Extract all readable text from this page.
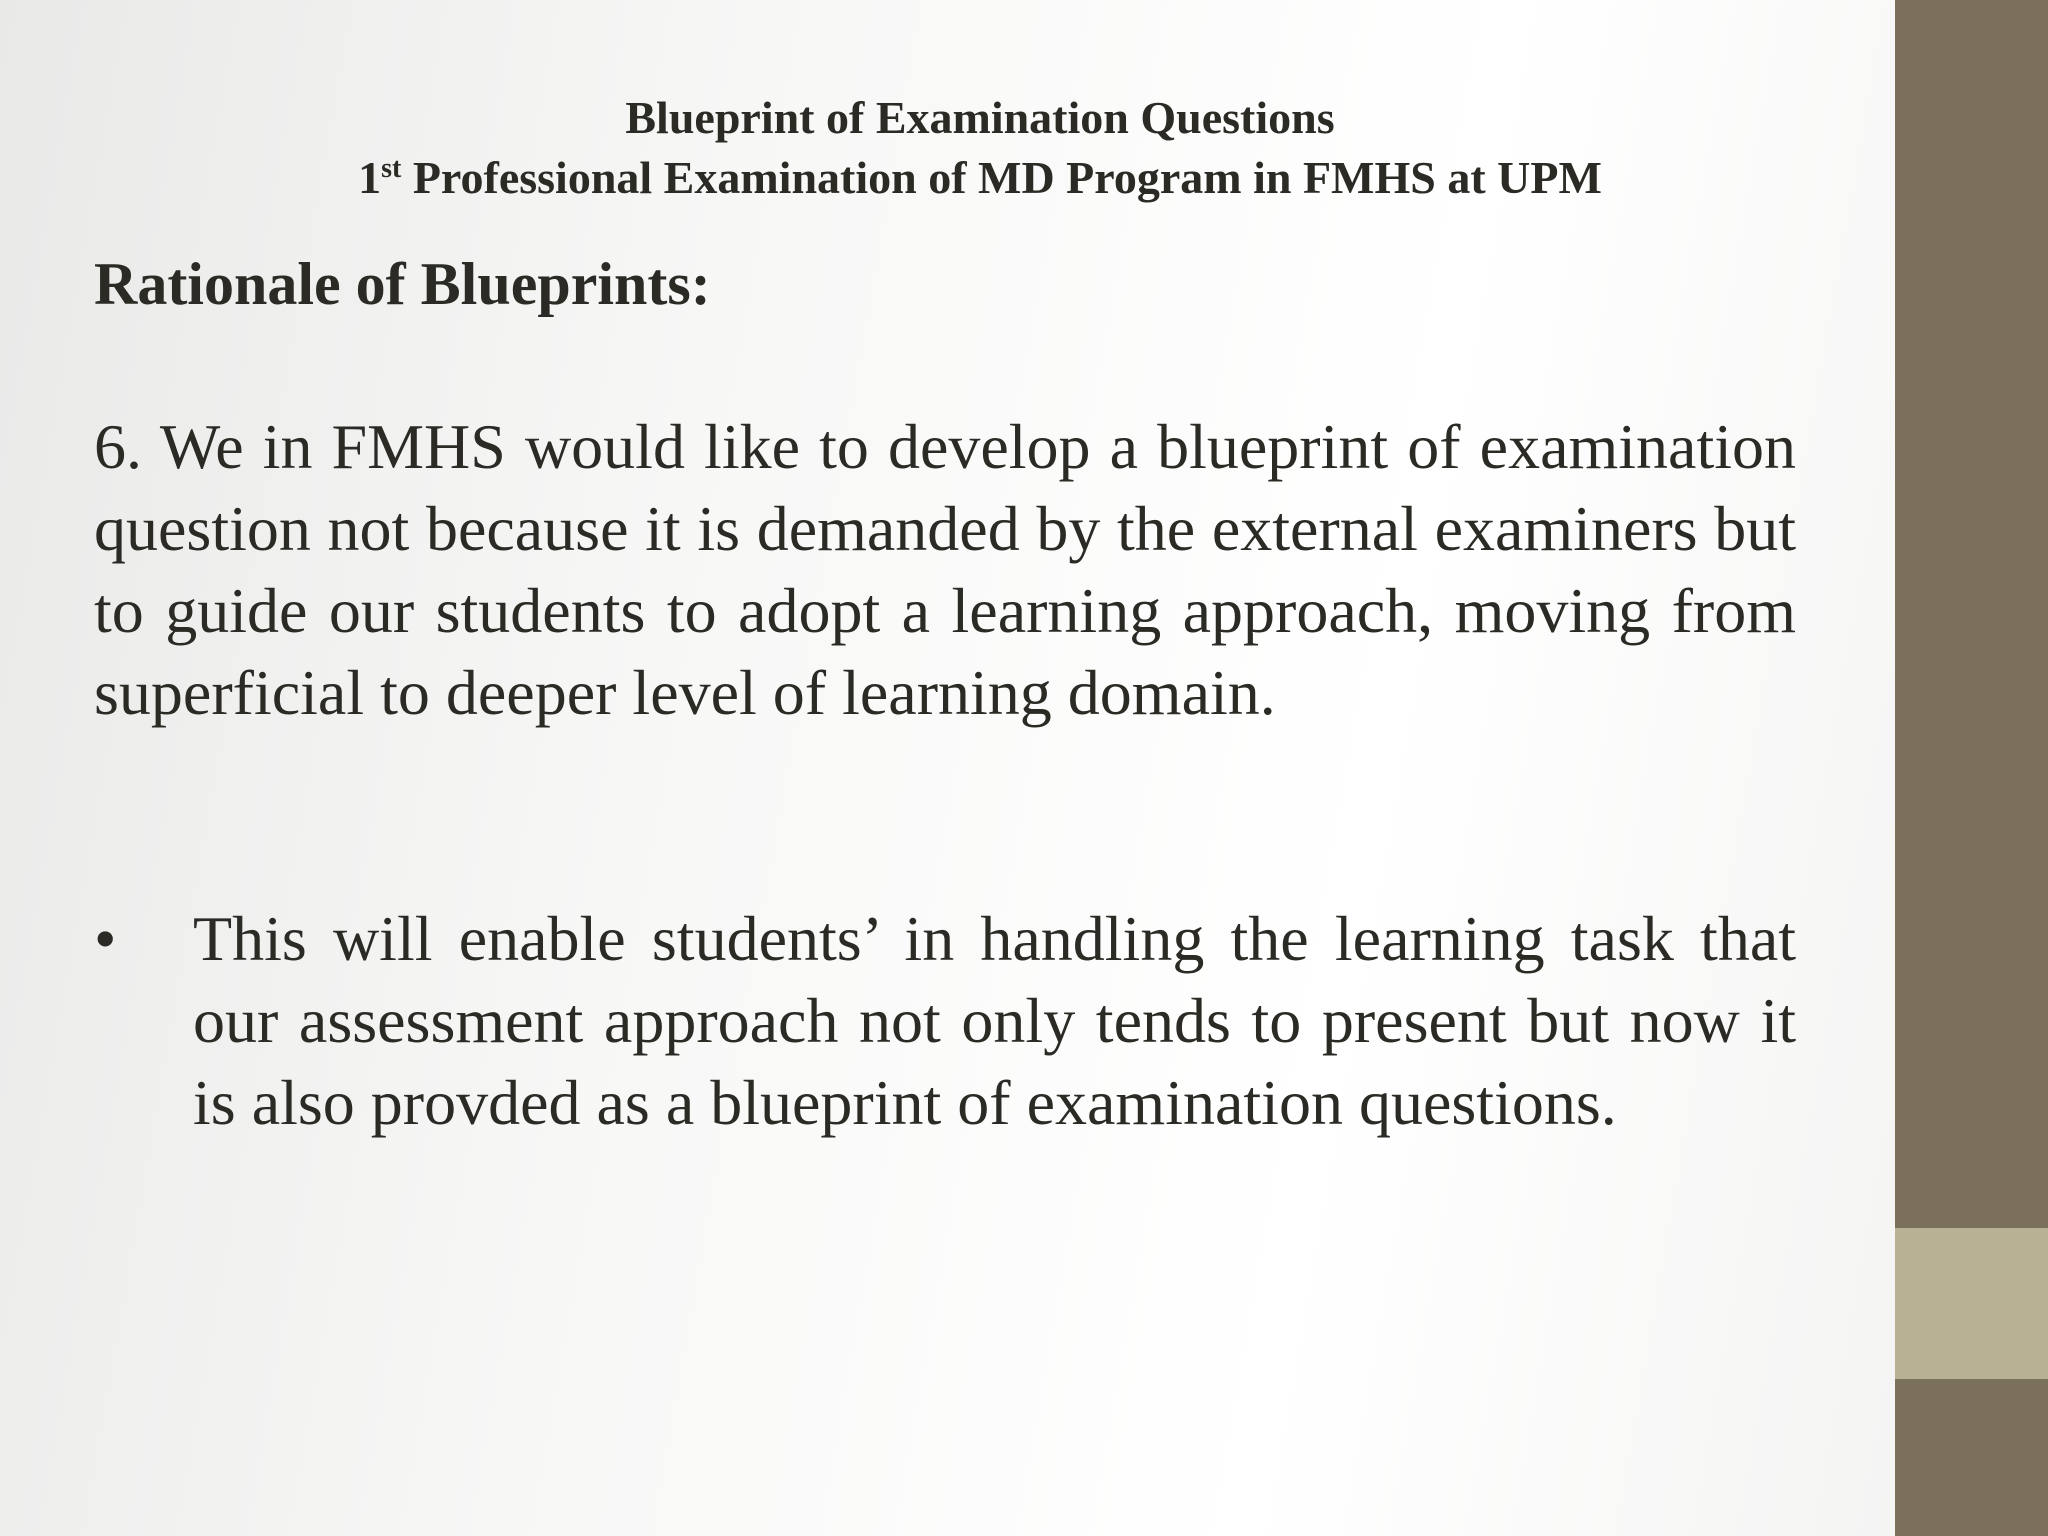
Blueprint of Examination Questions

1st Professional Examination of MD Program in FMHS at UPM
Rationale of Blueprints:

6. We in FMHS would like to develop a blueprint of examination question not because it is demanded by the external examiners but to guide our students to adopt a learning approach, moving from superficial to deeper level of learning domain.

• This will enable students’ in handling the learning task that our assessment approach not only tends to present but now it is also provded as a blueprint of examination questions.
